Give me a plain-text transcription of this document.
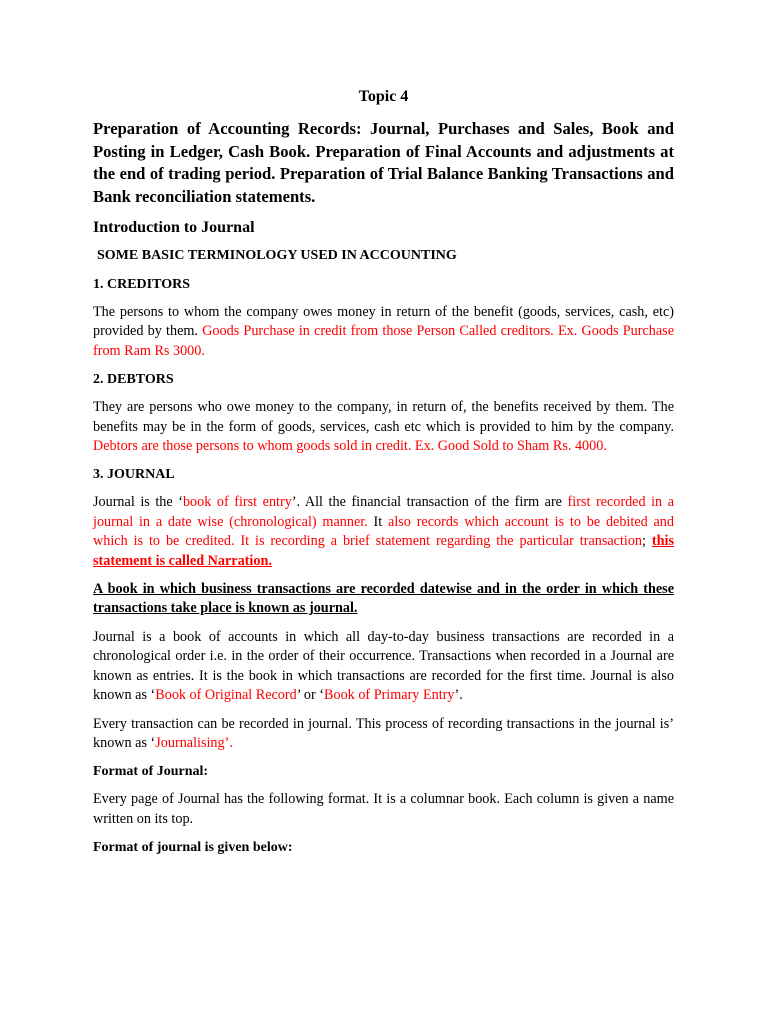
Topic 4
Preparation of Accounting Records: Journal, Purchases and Sales, Book and Posting in Ledger, Cash Book. Preparation of Final Accounts and adjustments at the end of trading period. Preparation of Trial Balance Banking Transactions and Bank reconciliation statements.
Introduction to Journal
SOME BASIC TERMINOLOGY USED IN ACCOUNTING
1. CREDITORS

The persons to whom the company owes money in return of the benefit (goods, services, cash, etc) provided by them. Goods Purchase in credit from those Person Called creditors. Ex. Goods Purchase from Ram Rs 3000.

2. DEBTORS

They are persons who owe money to the company, in return of, the benefits received by them. The benefits may be in the form of goods, services, cash etc which is provided to him by the company. Debtors are those persons to whom goods sold in credit. Ex. Good Sold to Sham Rs. 4000.

3. JOURNAL

Journal is the ‘book of first entry’. All the financial transaction of the firm are first recorded in a journal in a date wise (chronological) manner. It also records which account is to be debited and which is to be credited. It is recording a brief statement regarding the particular transaction; this statement is called Narration.

A book in which business transactions are recorded datewise and in the order in which these transactions take place is known as journal.

Journal is a book of accounts in which all day-to-day business transactions are recorded in a chronological order i.e. in the order of their occurrence. Transactions when recorded in a Journal are known as entries. It is the book in which transactions are recorded for the first time. Journal is also known as ‘Book of Original Record’ or ‘Book of Primary Entry’.

Every transaction can be recorded in journal. This process of recording transactions in the journal is’ known as ‘Journalising’.

Format of Journal:

Every page of Journal has the following format. It is a columnar book. Each column is given a name written on its top.

Format of journal is given below:
